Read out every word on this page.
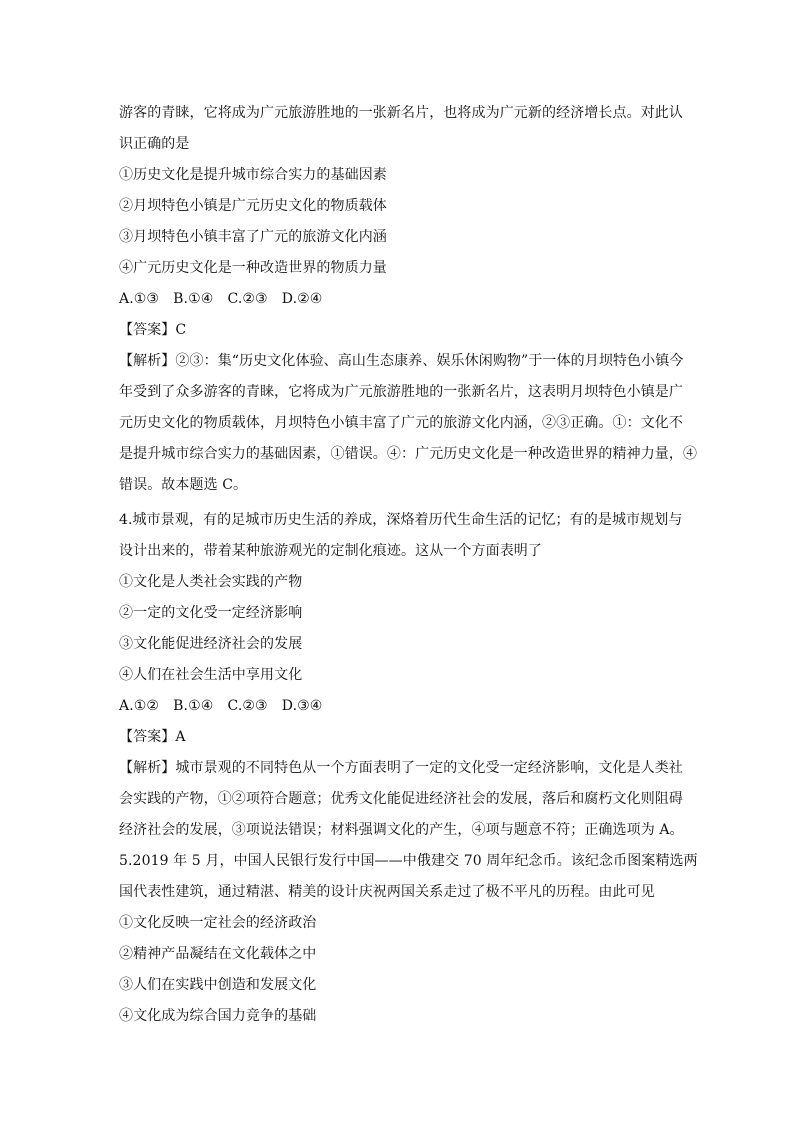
游客的青睐，它将成为广元旅游胜地的一张新名片，也将成为广元新的经济增长点。对此认
识正确的是
①历史文化是提升城市综合实力的基础因素
②月坝特色小镇是广元历史文化的物质载体
③月坝特色小镇丰富了广元的旅游文化内涵
④广元历史文化是一种改造世界的物质力量
A.①③　B.①④　C.②③　D.②④
【答案】C
【解析】②③：集“历史文化体验、高山生态康养、娱乐休闲购物”于一体的月坝特色小镇今
年受到了众多游客的青睐，它将成为广元旅游胜地的一张新名片，这表明月坝特色小镇是广
元历史文化的物质载体，月坝特色小镇丰富了广元的旅游文化内涵，②③正确。①：文化不
是提升城市综合实力的基础因素，①错误。④：广元历史文化是一种改造世界的精神力量，④
错误。故本题选 C。
4.城市景观，有的足城市历史生活的养成，深烙着历代生命生活的记忆；有的是城市规划与
设计出来的，带着某种旅游观光的定制化痕迹。这从一个方面表明了
①文化是人类社会实践的产物
②一定的文化受一定经济影响
③文化能促进经济社会的发展
④人们在社会生活中享用文化
A.①②　B.①④　C.②③　D.③④
【答案】A
【解析】城市景观的不同特色从一个方面表明了一定的文化受一定经济影响，文化是人类社
会实践的产物，①②项符合题意；优秀文化能促进经济社会的发展，落后和腐朽文化则阻碍
经济社会的发展，③项说法错误；材料强调文化的产生，④项与题意不符；正确选项为 A。
5.2019 年 5 月，中国人民银行发行中国——中俄建交 70 周年纪念币。该纪念币图案精选两
国代表性建筑，通过精湛、精美的设计庆祝两国关系走过了极不平凡的历程。由此可见
①文化反映一定社会的经济政治
②精神产品凝结在文化载体之中
③人们在实践中创造和发展文化
④文化成为综合国力竞争的基础
